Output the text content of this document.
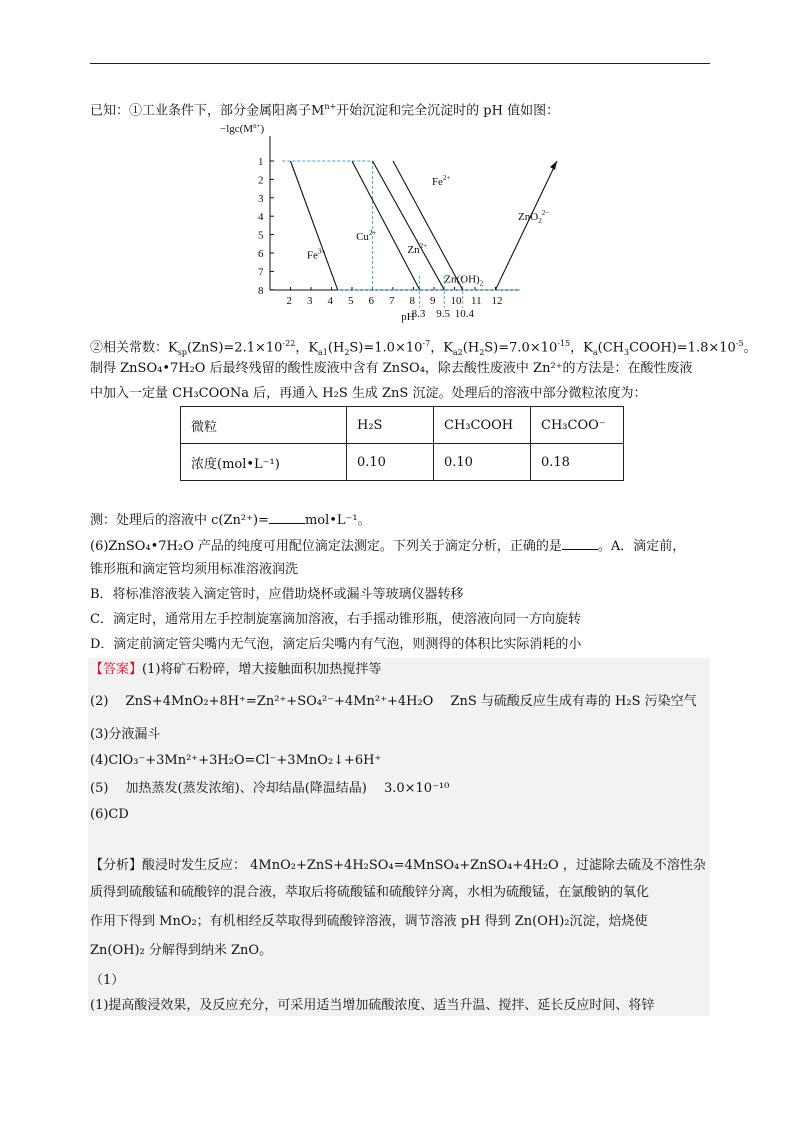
已知：①工业条件下，部分金属阳离子$M^{n+}$开始沉淀和完全沉淀时的 pH 值如图：
$-\lg c(M^{n+})$
1
2
3
4
5
6
7
8
2 3 4 5 6 7 8 9 10 11 12
8.3 9.5 10.4
pH
$Fe^{3+}$
$Cu^{2+}$
$Zn^{2+}$
$Fe^{2+}$
ZnO$_2^{2-}$
$Zn(OH)_2$
②相关常数：$K_{sp}(ZnS)=2.1\times 10^{-22}$，$K_{a1}(H_2S)=1.0\times 10^{-7}$，$K_{a2}(H_2S)=7.0\times 10^{-15}$，$K_a(CH_3COOH)=1.8\times 10^{-5}$。
制得 ZnSO₄•7H₂O 后最终残留的酸性废液中含有 ZnSO₄，除去酸性废液中 Zn²⁺的方法是：在酸性废液
中加入一定量 CH₃COONa 后，再通入 H₂S 生成 ZnS 沉淀。处理后的溶液中部分微粒浓度为：
微粒	H₂S	CH₃COOH	CH₃COO⁻
浓度(mol•L⁻¹)	0.10	0.10	0.18
测：处理后的溶液中 c(Zn²⁺)=	mol•L⁻¹。
(6)ZnSO₄•7H₂O 产品的纯度可用配位滴定法测定。下列关于滴定分析，正确的是	。A．滴定前，
锥形瓶和滴定管均须用标准溶液润洗
B．将标准溶液装入滴定管时，应借助烧杯或漏斗等玻璃仪器转移
C．滴定时，通常用左手控制旋塞滴加溶液，右手摇动锥形瓶，使溶液向同一方向旋转
D．滴定前滴定管尖嘴内无气泡，滴定后尖嘴内有气泡，则测得的体积比实际消耗的小
【答案】(1)将矿石粉碎，增大接触面积加热搅拌等
(2)　 ZnS+4MnO₂+8H⁺=Zn²⁺+SO₄²⁻+4Mn²⁺+4H₂O　 ZnS 与硫酸反应生成有毒的 H₂S 污染空气
(3)分液漏斗
(4)ClO₃⁻+3Mn²⁺+3H₂O=Cl⁻+3MnO₂↓+6H⁺
(5)　 加热蒸发(蒸发浓缩)、冷却结晶(降温结晶)　 3.0×10⁻¹⁰
(6)CD
【分析】酸浸时发生反应： 4MnO₂+ZnS+4H₂SO₄=4MnSO₄+ZnSO₄+4H₂O ，过滤除去硫及不溶性杂
质得到硫酸锰和硫酸锌的混合液，萃取后将硫酸锰和硫酸锌分离，水相为硫酸锰，在氯酸钠的氧化
作用下得到 MnO₂；有机相经反萃取得到硫酸锌溶液，调节溶液 pH 得到 Zn(OH)₂沉淀，焙烧使
Zn(OH)₂ 分解得到纳米 ZnO。
（1）
(1)提高酸浸效果，及反应充分，可采用适当增加硫酸浓度、适当升温、搅拌、延长反应时间、将锌
